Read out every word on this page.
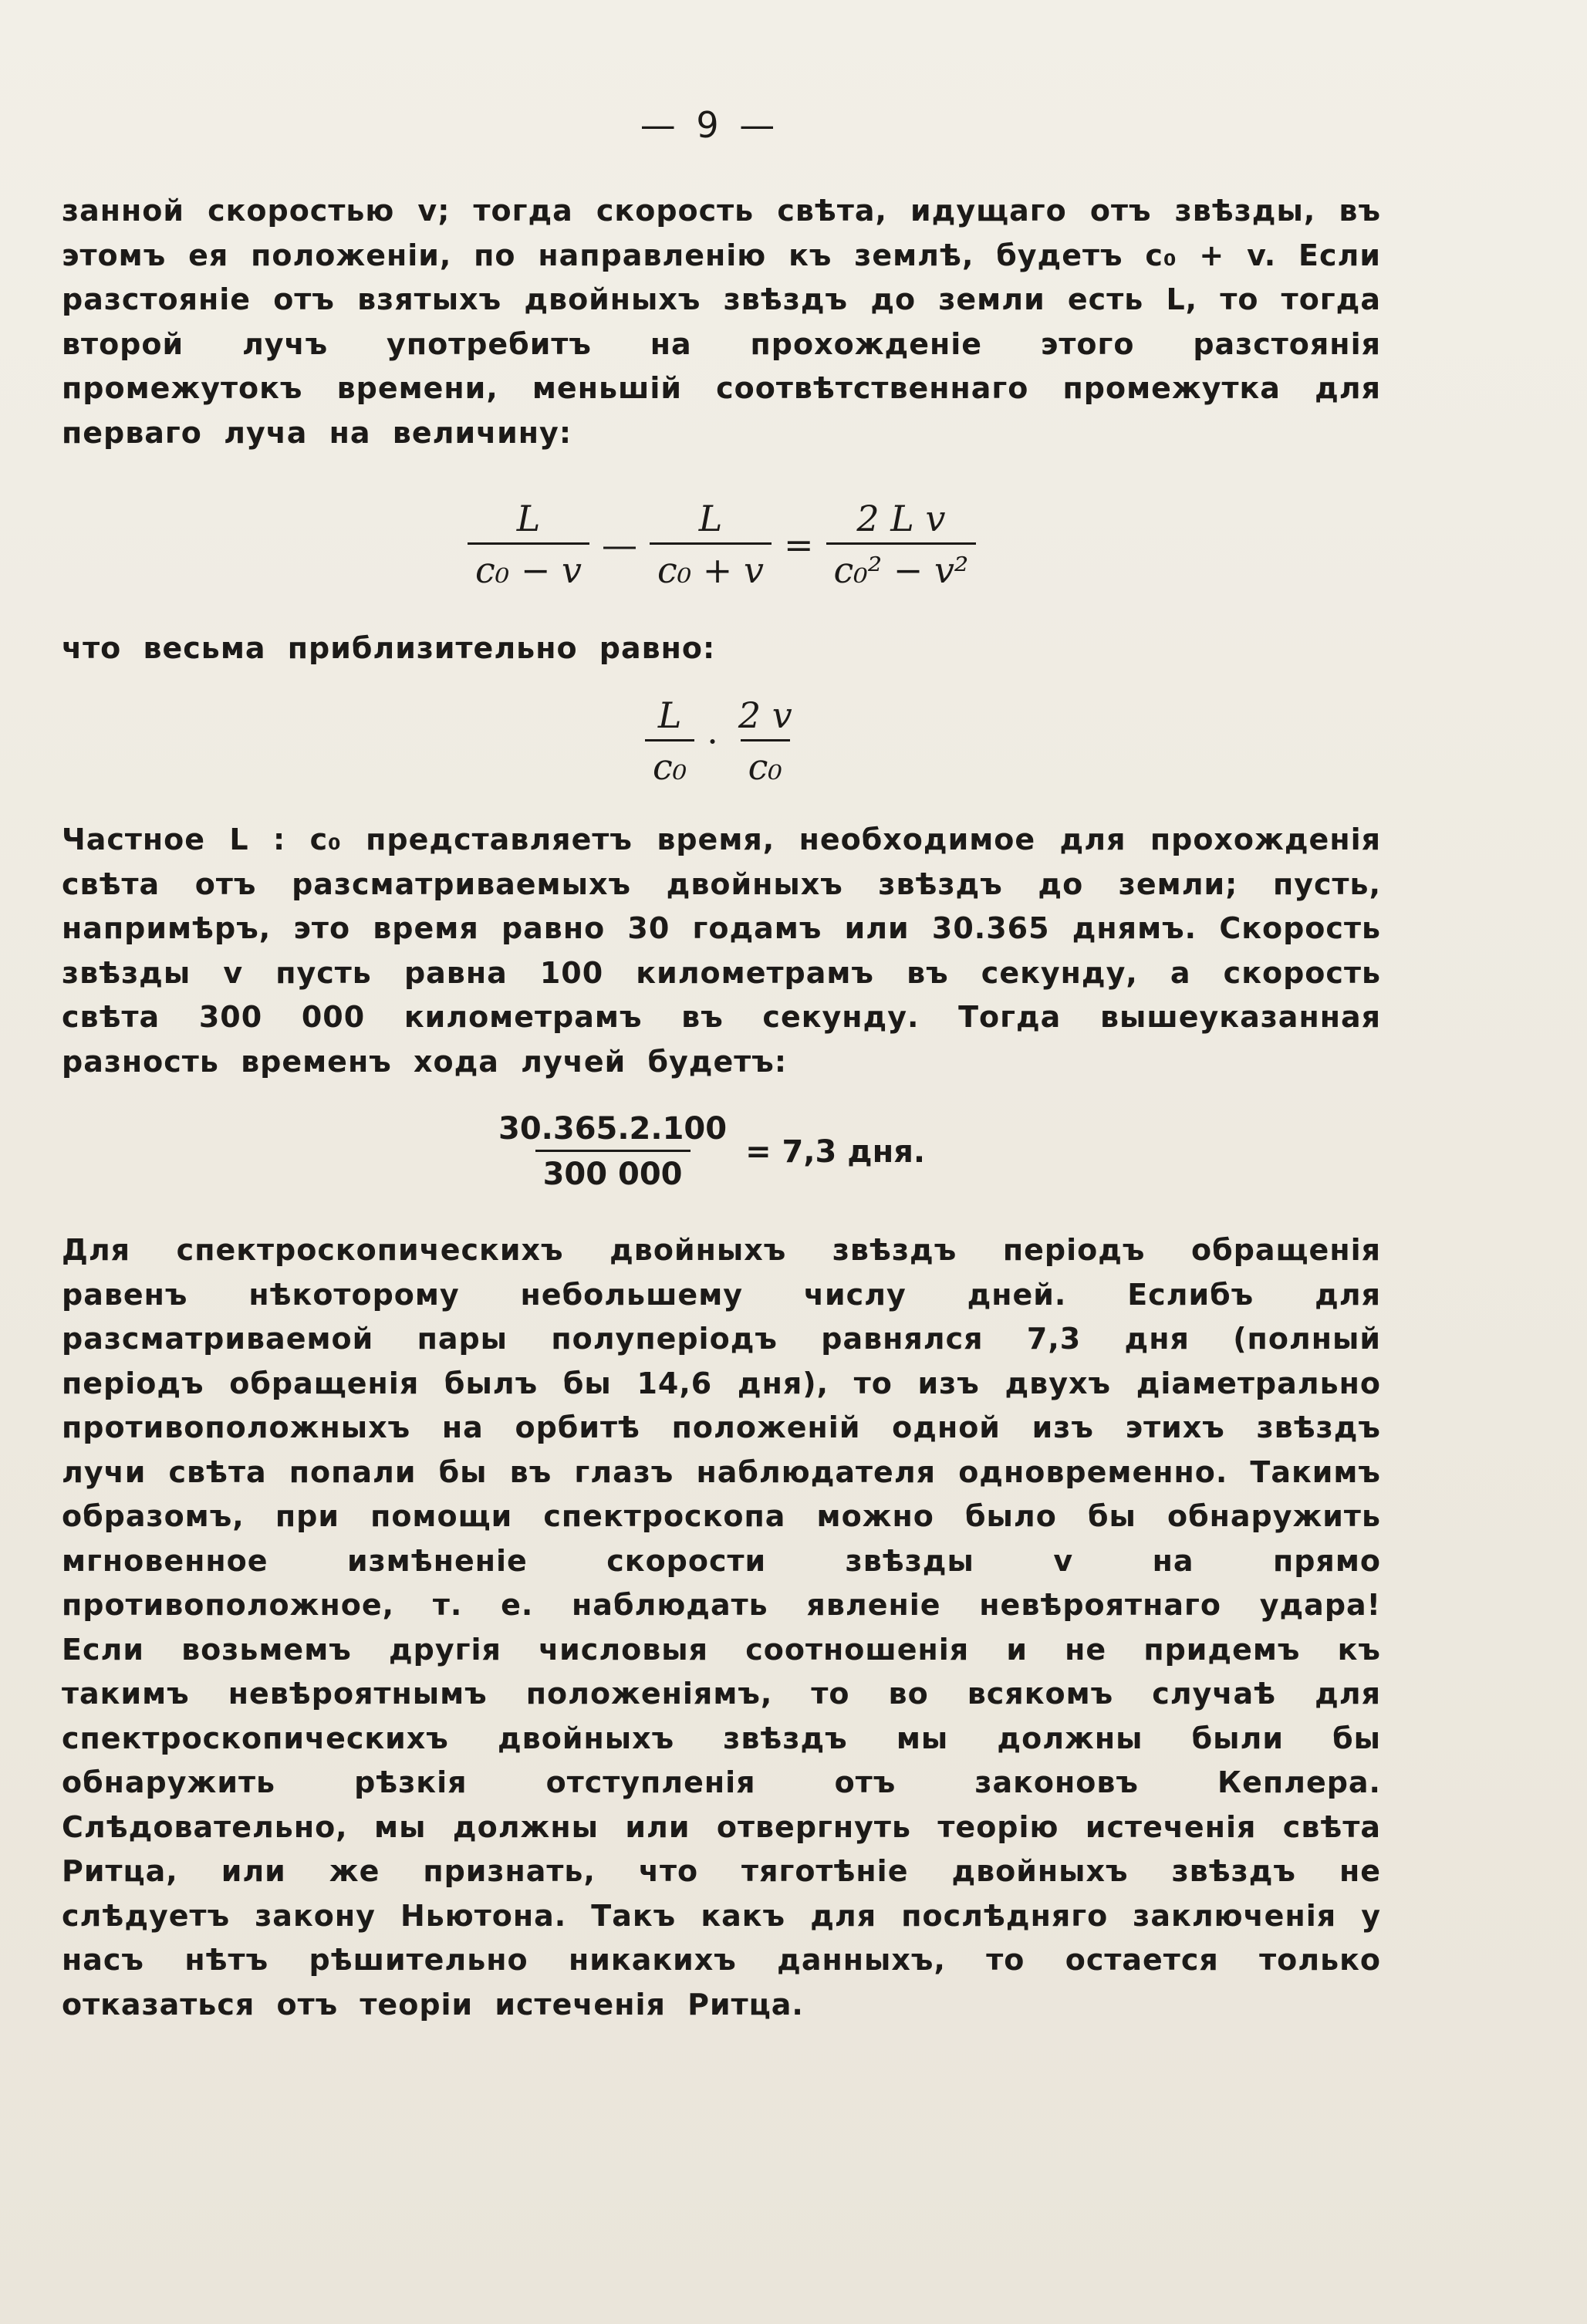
— 9 —
занной скоростью v; тогда скорость свѣта, идущаго отъ звѣзды, въ этомъ ея положеніи, по направленію къ землѣ, будетъ c₀ + v. Если разстояніе отъ взятыхъ двойныхъ звѣздъ до земли есть L, то тогда второй лучъ употребитъ на прохожденіе этого разстоянія промежутокъ времени, меньшій соотвѣтственнаго промежутка для перваго луча на величину:
$\frac{L}{\text{c₀ − v}}$ — $\frac{L}{\text{c₀ + v}} = \frac{\text{2 L v}}{\text{c₀² − v²}}$
что весьма приблизительно равно:
$\frac{L}{\text{c₀}} \cdot \frac{2 v}{\text{c₀}}$
Частное L : c₀ представляетъ время, необходимое для прохожденія свѣта отъ разсматриваемыхъ двойныхъ звѣздъ до земли; пусть, напримѣръ, это время равно 30 годамъ или 30.365 днямъ. Скорость звѣзды v пусть равна 100 километрамъ въ секунду, а скорость свѣта 300 000 километрамъ въ секунду. Тогда вышеуказанная разность временъ хода лучей будетъ:
$\frac{30.365.2.100}{300 000} = 7,3$ дня.
Для спектроскопическихъ двойныхъ звѣздъ періодъ обращенія равенъ нѣкоторому небольшему числу дней. Еслибъ для разсматриваемой пары полуперіодъ равнялся 7,3 дня (полный періодъ обращенія былъ бы 14,6 дня), то изъ двухъ діаметрально противоположныхъ на орбитѣ положеній одной изъ этихъ звѣздъ лучи свѣта попали бы въ глазъ наблюдателя одновременно. Такимъ образомъ, при помощи спектроскопа можно было бы обнаружить мгновенное измѣненіе скорости звѣзды v на прямо противоположное, т. е. наблюдать явленіе невѣроятнаго удара! Если возьмемъ другія числовыя соотношенія и не придемъ къ такимъ невѣроятнымъ положеніямъ, то во всякомъ случаѣ для спектроскопическихъ двойныхъ звѣздъ мы должны были бы обнаружить рѣзкія отступленія отъ законовъ Кеплера. Слѣдовательно, мы должны или отвергнуть теорію истеченія свѣта Ритца, или же признать, что тяготѣніе двойныхъ звѣздъ не слѣдуетъ закону Ньютона. Такъ какъ для послѣдняго заключенія у насъ нѣтъ рѣшительно никакихъ данныхъ, то остается только отказаться отъ теоріи истеченія Ритца.
